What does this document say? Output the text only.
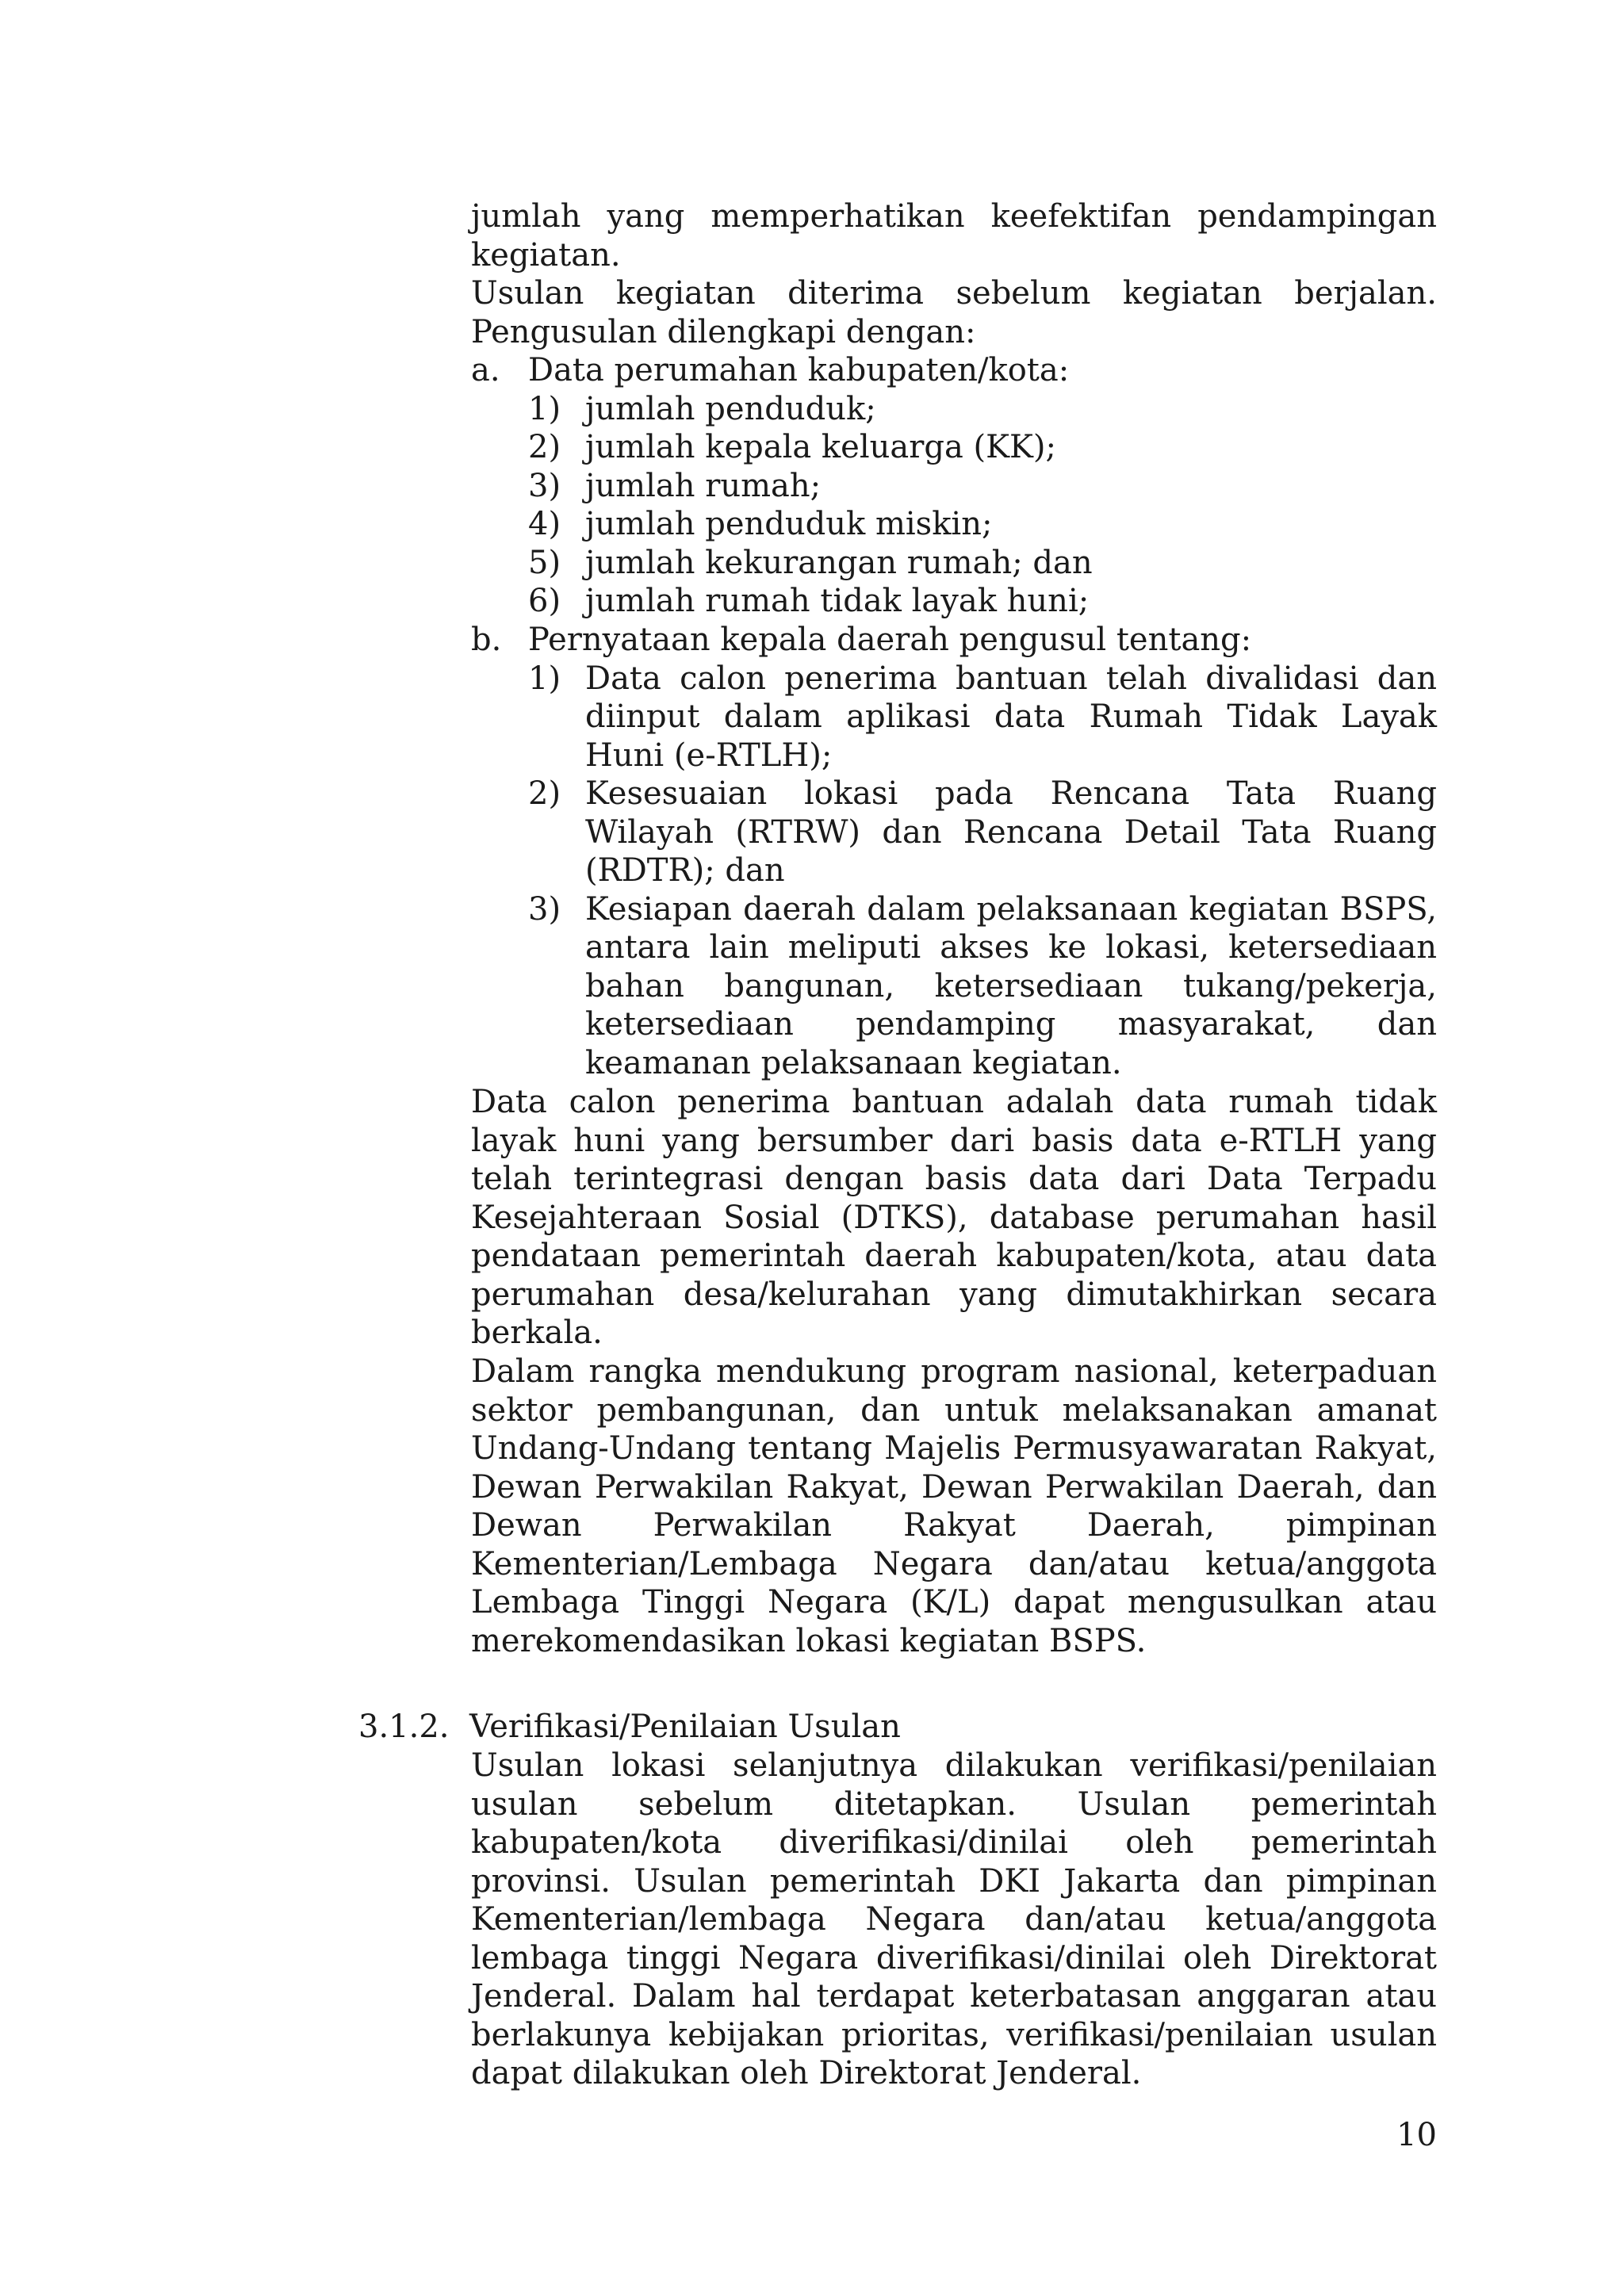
jumlah yang memperhatikan keefektifan pendampingan
kegiatan.
Usulan kegiatan diterima sebelum kegiatan berjalan.
Pengusulan dilengkapi dengan:
a. Data perumahan kabupaten/kota:
1) jumlah penduduk;
2) jumlah kepala keluarga (KK);
3) jumlah rumah;
4) jumlah penduduk miskin;
5) jumlah kekurangan rumah; dan
6) jumlah rumah tidak layak huni;
b. Pernyataan kepala daerah pengusul tentang:
1) Data calon penerima bantuan telah divalidasi dan
diinput dalam aplikasi data Rumah Tidak Layak
Huni (e-RTLH);
2) Kesesuaian lokasi pada Rencana Tata Ruang
Wilayah (RTRW) dan Rencana Detail Tata Ruang
(RDTR); dan
3) Kesiapan daerah dalam pelaksanaan kegiatan BSPS,
antara lain meliputi akses ke lokasi, ketersediaan
bahan bangunan, ketersediaan tukang/pekerja,
ketersediaan pendamping masyarakat, dan
keamanan pelaksanaan kegiatan.
Data calon penerima bantuan adalah data rumah tidak
layak huni yang bersumber dari basis data e-RTLH yang
telah terintegrasi dengan basis data dari Data Terpadu
Kesejahteraan Sosial (DTKS), database perumahan hasil
pendataan pemerintah daerah kabupaten/kota, atau data
perumahan desa/kelurahan yang dimutakhirkan secara
berkala.
Dalam rangka mendukung program nasional, keterpaduan
sektor pembangunan, dan untuk melaksanakan amanat
Undang-Undang tentang Majelis Permusyawaratan Rakyat,
Dewan Perwakilan Rakyat, Dewan Perwakilan Daerah, dan
Dewan Perwakilan Rakyat Daerah, pimpinan
Kementerian/Lembaga Negara dan/atau ketua/anggota
Lembaga Tinggi Negara (K/L) dapat mengusulkan atau
merekomendasikan lokasi kegiatan BSPS.
3.1.2. Verifikasi/Penilaian Usulan
Usulan lokasi selanjutnya dilakukan verifikasi/penilaian
usulan sebelum ditetapkan. Usulan pemerintah
kabupaten/kota diverifikasi/dinilai oleh pemerintah
provinsi. Usulan pemerintah DKI Jakarta dan pimpinan
Kementerian/lembaga Negara dan/atau ketua/anggota
lembaga tinggi Negara diverifikasi/dinilai oleh Direktorat
Jenderal. Dalam hal terdapat keterbatasan anggaran atau
berlakunya kebijakan prioritas, verifikasi/penilaian usulan
dapat dilakukan oleh Direktorat Jenderal.
10
